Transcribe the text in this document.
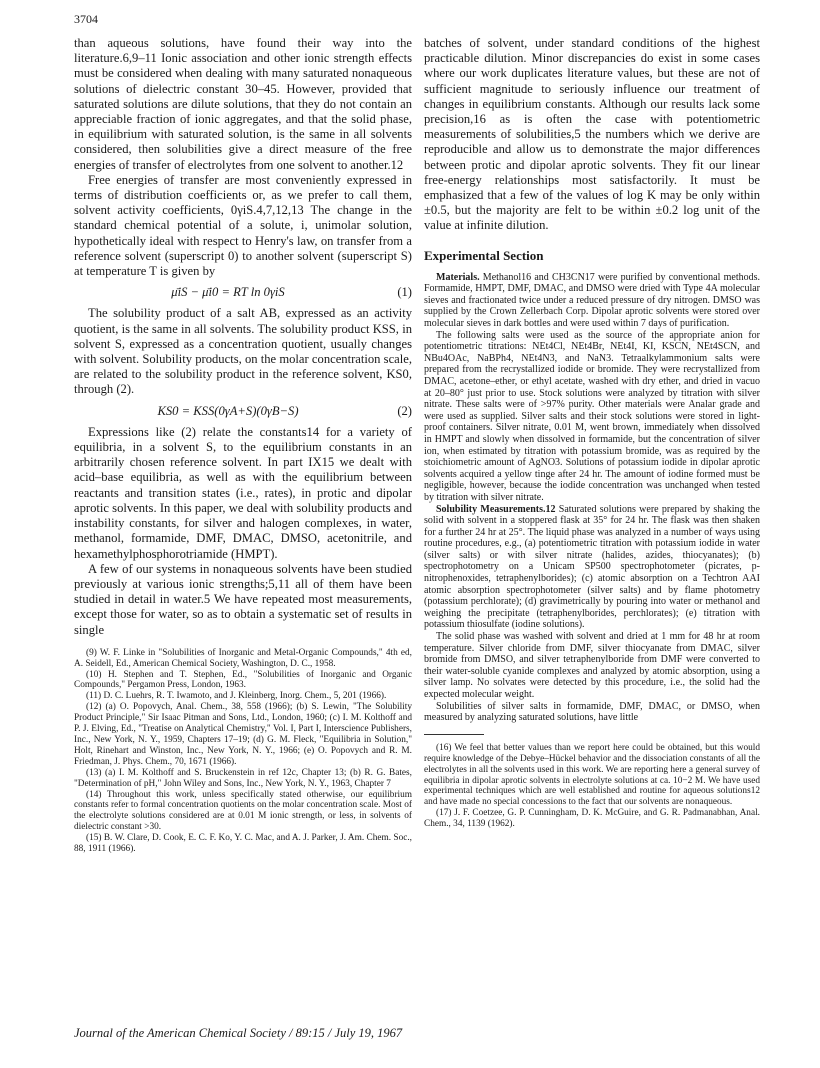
3704

than aqueous solutions, have found their way into the literature.6,9–11 Ionic association and other ionic strength effects must be considered when dealing with many saturated nonaqueous solutions of dielectric constant 30–45. However, provided that saturated solutions are dilute solutions, that they do not contain an appreciable fraction of ionic aggregates, and that the solid phase, in equilibrium with saturated solution, is the same in all solvents considered, then solubilities give a direct measure of the free energies of transfer of electrolytes from one solvent to another.12

Free energies of transfer are most conveniently expressed in terms of distribution coefficients or, as we prefer to call them, solvent activity coefficients, 0γiS.4,7,12,13 The change in the standard chemical potential of a solute, i, unimolar solution, hypothetically ideal with respect to Henry's law, on transfer from a reference solvent (superscript 0) to another solvent (superscript S) at temperature T is given by

μ̄iS − μ̄i0 = RT ln 0γiS	(1)

The solubility product of a salt AB, expressed as an activity quotient, is the same in all solvents. The solubility product KSS, in solvent S, expressed as a concentration quotient, usually changes with solvent. Solubility products, on the molar concentration scale, are related to the solubility product in the reference solvent, KS0, through (2).

KS0 = KSS(0γA+S)(0γB−S)	(2)

Expressions like (2) relate the constants14 for a variety of equilibria, in a solvent S, to the equilibrium constants in an arbitrarily chosen reference solvent. In part IX15 we dealt with acid–base equilibria, as well as with the equilibrium between reactants and transition states (i.e., rates), in protic and dipolar aprotic solvents. In this paper, we deal with solubility products and instability constants, for silver and halogen complexes, in water, methanol, formamide, DMF, DMAC, DMSO, acetonitrile, and hexamethylphosphorotriamide (HMPT).

A few of our systems in nonaqueous solvents have been studied previously at various ionic strengths;5,11 all of them have been studied in detail in water.5 We have repeated most measurements, except those for water, so as to obtain a systematic set of results in single

(9) W. F. Linke in "Solubilities of Inorganic and Metal-Organic Compounds," 4th ed, A. Seidell, Ed., American Chemical Society, Washington, D. C., 1958.

(10) H. Stephen and T. Stephen, Ed., "Solubilities of Inorganic and Organic Compounds," Pergamon Press, London, 1963.

(11) D. C. Luehrs, R. T. Iwamoto, and J. Kleinberg, Inorg. Chem., 5, 201 (1966).

(12) (a) O. Popovych, Anal. Chem., 38, 558 (1966); (b) S. Lewin, "The Solubility Product Principle," Sir Isaac Pitman and Sons, Ltd., London, 1960; (c) I. M. Kolthoff and P. J. Elving, Ed., "Treatise on Analytical Chemistry," Vol. I, Part I, Interscience Publishers, Inc., New York, N. Y., 1959, Chapters 17–19; (d) G. M. Fleck, "Equilibria in Solution," Holt, Rinehart and Winston, Inc., New York, N. Y., 1966; (e) O. Popovych and R. M. Friedman, J. Phys. Chem., 70, 1671 (1966).

(13) (a) I. M. Kolthoff and S. Bruckenstein in ref 12c, Chapter 13; (b) R. G. Bates, "Determination of pH," John Wiley and Sons, Inc., New York, N. Y., 1963, Chapter 7

(14) Throughout this work, unless specifically stated otherwise, our equilibrium constants refer to formal concentration quotients on the molar concentration scale. Most of the electrolyte solutions considered are at 0.01 M ionic strength, or less, in solvents of dielectric constant >30.

(15) B. W. Clare, D. Cook, E. C. F. Ko, Y. C. Mac, and A. J. Parker, J. Am. Chem. Soc., 88, 1911 (1966).

batches of solvent, under standard conditions of the highest practicable dilution. Minor discrepancies do exist in some cases where our work duplicates literature values, but these are not of sufficient magnitude to seriously influence our treatment of changes in equilibrium constants. Although our results lack some precision,16 as is often the case with potentiometric measurements of solubilities,5 the numbers which we derive are reproducible and allow us to demonstrate the major differences between protic and dipolar aprotic solvents. They fit our linear free-energy relationships most satisfactorily. It must be emphasized that a few of the values of log K may be only within ±0.5, but the majority are felt to be within ±0.2 log unit of the value at infinite dilution.

Experimental Section

Materials. Methanol16 and CH3CN17 were purified by conventional methods. Formamide, HMPT, DMF, DMAC, and DMSO were dried with Type 4A molecular sieves and fractionated twice under a reduced pressure of dry nitrogen. DMSO was supplied by the Crown Zellerbach Corp. Dipolar aprotic solvents were stored over molecular sieves in dark bottles and were used within 7 days of purification.

The following salts were used as the source of the appropriate anion for potentiometric titrations: NEt4Cl, NEt4Br, NEt4I, KI, KSCN, NEt4SCN, and NBu4OAc, NaBPh4, NEt4N3, and NaN3. Tetraalkylammonium salts were prepared from the recrystallized iodide or bromide. They were recrystallized from DMAC, acetone–ether, or ethyl acetate, washed with dry ether, and dried in vacuo at 20–80° just prior to use. Stock solutions were analyzed by titration with silver nitrate. These salts were of >97% purity. Other materials were Analar grade and were used as supplied. Silver salts and their stock solutions were stored in light-proof containers. Silver nitrate, 0.01 M, went brown, immediately when dissolved in HMPT and slowly when dissolved in formamide, but the concentration of silver ion, when estimated by titration with potassium bromide, was as required by the stoichiometric amount of AgNO3. Solutions of potassium iodide in dipolar aprotic solvents acquired a yellow tinge after 24 hr. The amount of iodine formed must be negligible, however, because the iodide concentration was unchanged when tested by titration with silver nitrate.

Solubility Measurements.12 Saturated solutions were prepared by shaking the solid with solvent in a stoppered flask at 35° for 24 hr. The flask was then shaken for a further 24 hr at 25°. The liquid phase was analyzed in a number of ways using routine procedures, e.g., (a) potentiometric titration with potassium iodide in water (silver salts) or with silver nitrate (halides, azides, thiocyanates); (b) spectrophotometry on a Unicam SP500 spectrophotometer (picrates, p-nitrophenoxides, tetraphenylborides); (c) atomic absorption on a Techtron AAI atomic absorption spectrophotometer (silver salts) and by flame photometry (potassium perchlorate); (d) gravimetrically by pouring into water or methanol and weighing the precipitate (tetraphenylborides, perchlorates); (e) titration with potassium thiosulfate (iodine solutions).

The solid phase was washed with solvent and dried at 1 mm for 48 hr at room temperature. Silver chloride from DMF, silver thiocyanate from DMAC, silver bromide from DMSO, and silver tetraphenylboride from DMF were converted to their water-soluble cyanide complexes and analyzed by atomic absorption, using a silver lamp. No solvates were detected by this procedure, i.e., the solid had the expected molecular weight.

Solubilities of silver salts in formamide, DMF, DMAC, or DMSO, when measured by analyzing saturated solutions, have little

(16) We feel that better values than we report here could be obtained, but this would require knowledge of the Debye–Hückel behavior and the dissociation constants of all the electrolytes in all the solvents used in this work. We are reporting here a general survey of equilibria in dipolar aprotic solvents in electrolyte solutions at ca. 10−2 M. We have used experimental techniques which are well established and routine for aqueous solutions12 and have made no special concessions to the fact that our solvents are nonaqueous.

(17) J. F. Coetzee, G. P. Cunningham, D. K. McGuire, and G. R. Padmanabhan, Anal. Chem., 34, 1139 (1962).

Journal of the American Chemical Society / 89:15 / July 19, 1967
